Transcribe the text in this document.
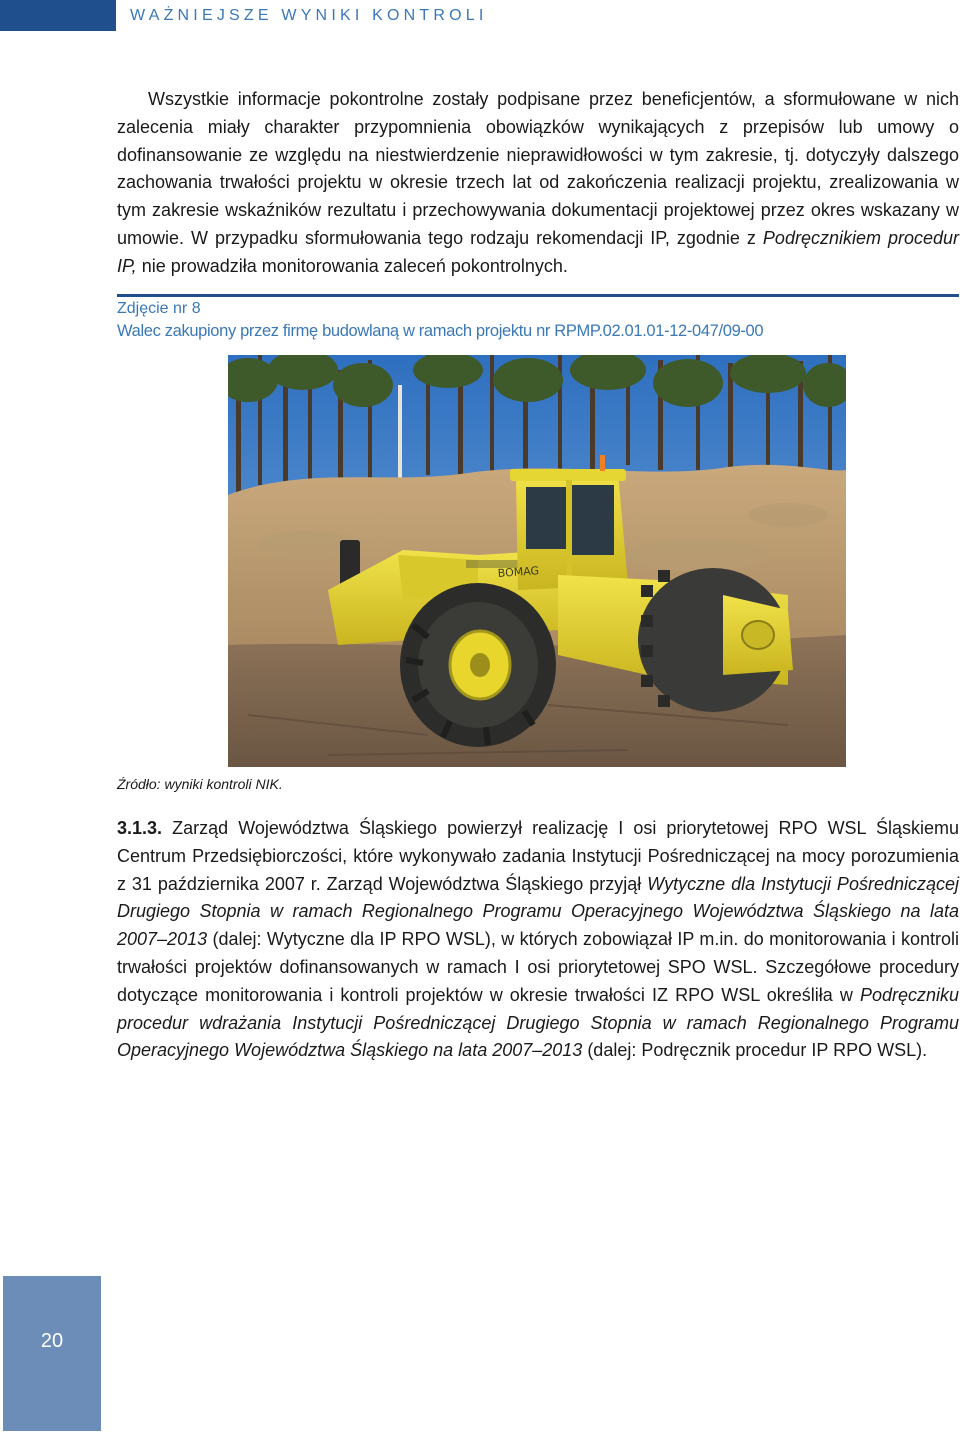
WAŻNIEJSZE WYNIKI KONTROLI

Wszystkie informacje pokontrolne zostały podpisane przez beneficjentów, a sformułowane w nich zalecenia miały charakter przypomnienia obowiązków wynikających z przepisów lub umowy o dofinansowanie ze względu na niestwierdzenie nieprawidłowości w tym zakresie, tj. dotyczyły dalszego zachowania trwałości projektu w okresie trzech lat od zakończenia realizacji projektu, zrealizowania w tym zakresie wskaźników rezultatu i przechowywania dokumentacji projektowej przez okres wskazany w umowie. W przypadku sformułowania tego rodzaju rekomendacji IP, zgodnie z Podręcznikiem procedur IP, nie prowadziła monitorowania zaleceń pokontrolnych.

Zdjęcie nr 8
Walec zakupiony przez firmę budowlaną w ramach projektu nr RPMP.02.01.01-12-047/09-00
BOMAG
Źródło: wyniki kontroli NIK.

3.1.3. Zarząd Województwa Śląskiego powierzył realizację I osi priorytetowej RPO WSL Śląskiemu Centrum Przedsiębiorczości, które wykonywało zadania Instytucji Pośredniczącej na mocy porozumienia z 31 października 2007 r. Zarząd Województwa Śląskiego przyjął Wytyczne dla Instytucji Pośredniczącej Drugiego Stopnia w ramach Regionalnego Programu Operacyjnego Województwa Śląskiego na lata 2007–2013 (dalej: Wytyczne dla IP RPO WSL), w których zobowiązał IP m.in. do monitorowania i kontroli trwałości projektów dofinansowanych w ramach I osi priorytetowej SPO WSL. Szczegółowe procedury dotyczące monitorowania i kontroli projektów w okresie trwałości IZ RPO WSL określiła w Podręczniku procedur wdrażania Instytucji Pośredniczącej Drugiego Stopnia w ramach Regionalnego Programu Operacyjnego Województwa Śląskiego na lata 2007–2013 (dalej: Podręcznik procedur IP RPO WSL).

20
